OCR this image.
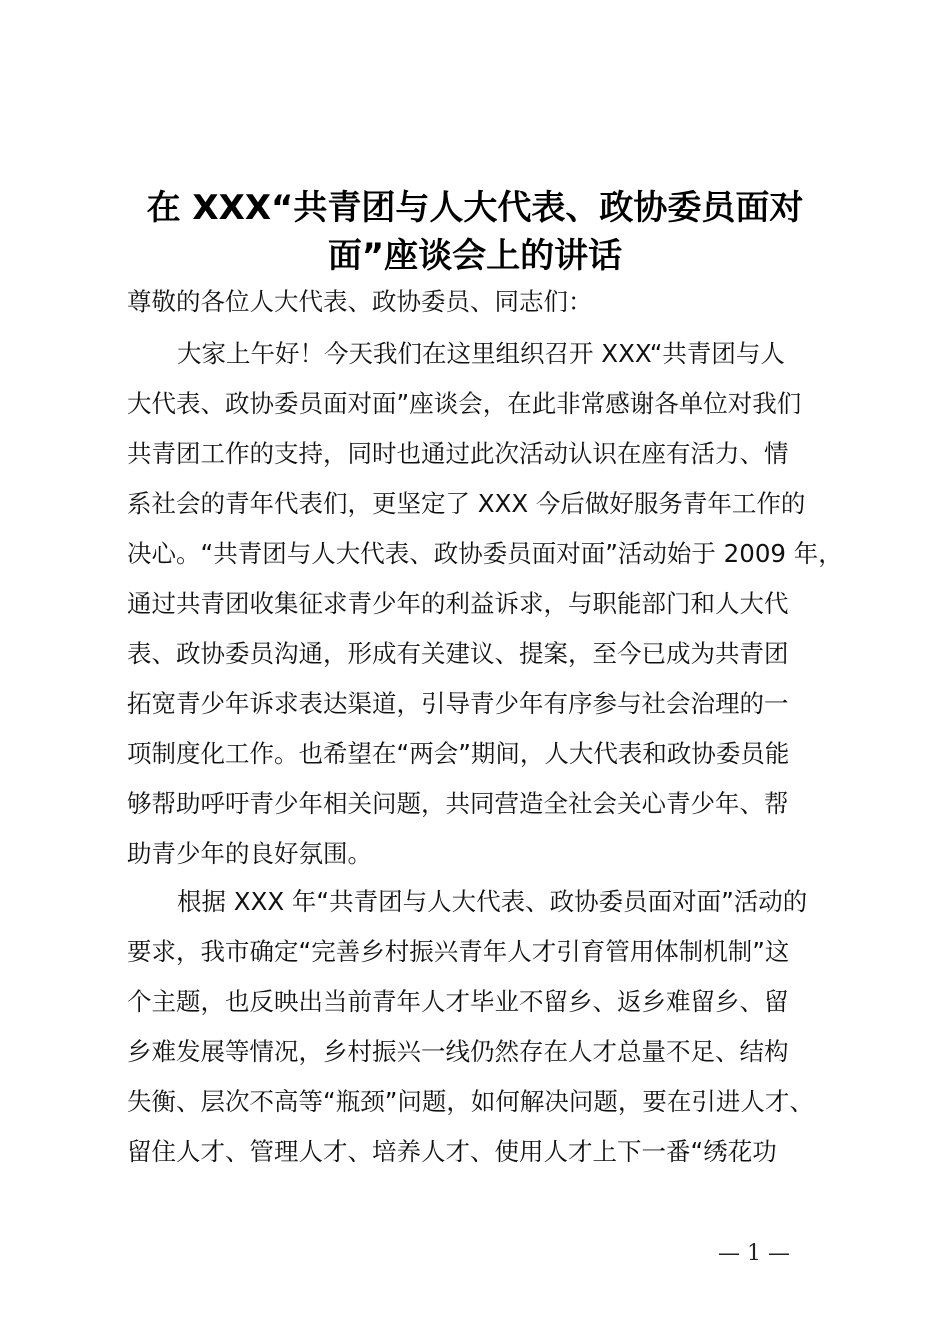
在 XXX“共青团与人大代表、政协委员面对
面”座谈会上的讲话
尊敬的各位人大代表、政协委员、同志们：
大家上午好！今天我们在这里组织召开 XXX“共青团与人
大代表、政协委员面对面”座谈会，在此非常感谢各单位对我们
共青团工作的支持，同时也通过此次活动认识在座有活力、情
系社会的青年代表们，更坚定了 XXX 今后做好服务青年工作的
决心。“共青团与人大代表、政协委员面对面”活动始于 2009 年，
通过共青团收集征求青少年的利益诉求，与职能部门和人大代
表、政协委员沟通，形成有关建议、提案，至今已成为共青团
拓宽青少年诉求表达渠道，引导青少年有序参与社会治理的一
项制度化工作。也希望在“两会”期间，人大代表和政协委员能
够帮助呼吁青少年相关问题，共同营造全社会关心青少年、帮
助青少年的良好氛围。
根据 XXX 年“共青团与人大代表、政协委员面对面”活动的
要求，我市确定“完善乡村振兴青年人才引育管用体制机制”这
个主题，也反映出当前青年人才毕业不留乡、返乡难留乡、留
乡难发展等情况，乡村振兴一线仍然存在人才总量不足、结构
失衡、层次不高等“瓶颈”问题，如何解决问题，要在引进人才、
留住人才、管理人才、培养人才、使用人才上下一番“绣花功
— 1 —
